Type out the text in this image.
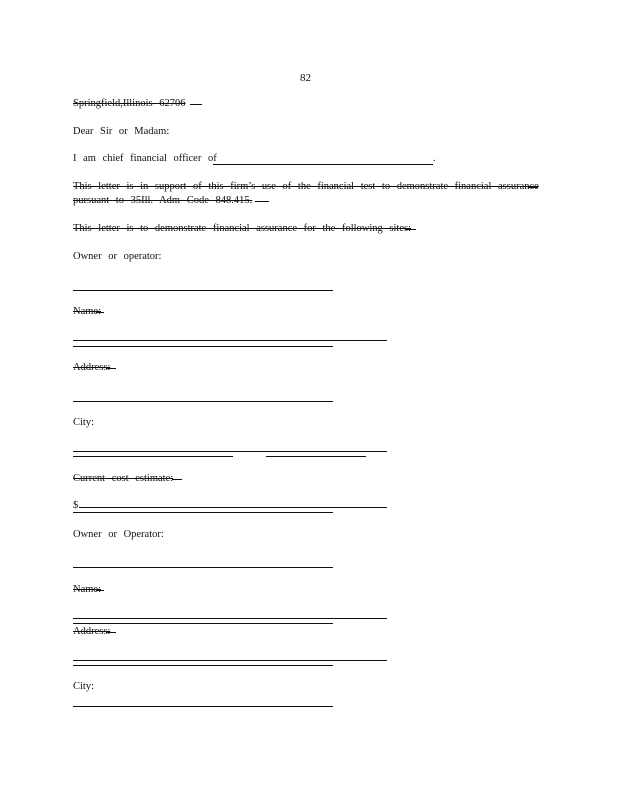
82
Springfield,Illinois 62706
Dear Sir or Madam:
I am chief financial officer of	.
This letter is in support of this firm’s use of the financial test to demonstrate financial assurance
pursuant to 35Ill. Adm Code 848.415.
This letter is to demonstrate financial assurance for the following sites:
Owner or operator:
Name:
Address:
City:
Current cost estimate:
$
Owner or Operator:
Name:
Address:
City:
